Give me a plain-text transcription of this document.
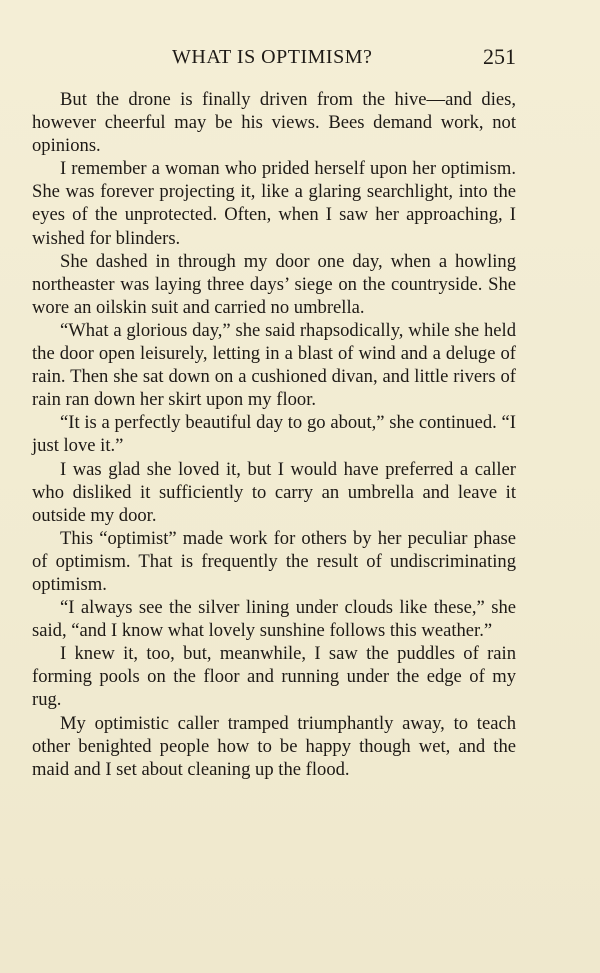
WHAT IS OPTIMISM?	251

But the drone is finally driven from the hive—and dies, however cheerful may be his views. Bees demand work, not opinions.

I remember a woman who prided herself upon her optimism. She was forever projecting it, like a glaring searchlight, into the eyes of the unprotected. Often, when I saw her approaching, I wished for blinders.

She dashed in through my door one day, when a howling northeaster was laying three days’ siege on the countryside. She wore an oilskin suit and carried no umbrella.

“What a glorious day,” she said rhapsodically, while she held the door open leisurely, letting in a blast of wind and a deluge of rain. Then she sat down on a cushioned divan, and little rivers of rain ran down her skirt upon my floor.

“It is a perfectly beautiful day to go about,” she continued. “I just love it.”

I was glad she loved it, but I would have preferred a caller who disliked it sufficiently to carry an umbrella and leave it outside my door.

This “optimist” made work for others by her peculiar phase of optimism. That is frequently the result of undiscriminating optimism.

“I always see the silver lining under clouds like these,” she said, “and I know what lovely sunshine follows this weather.”

I knew it, too, but, meanwhile, I saw the puddles of rain forming pools on the floor and running under the edge of my rug.

My optimistic caller tramped triumphantly away, to teach other benighted people how to be happy though wet, and the maid and I set about cleaning up the flood.
